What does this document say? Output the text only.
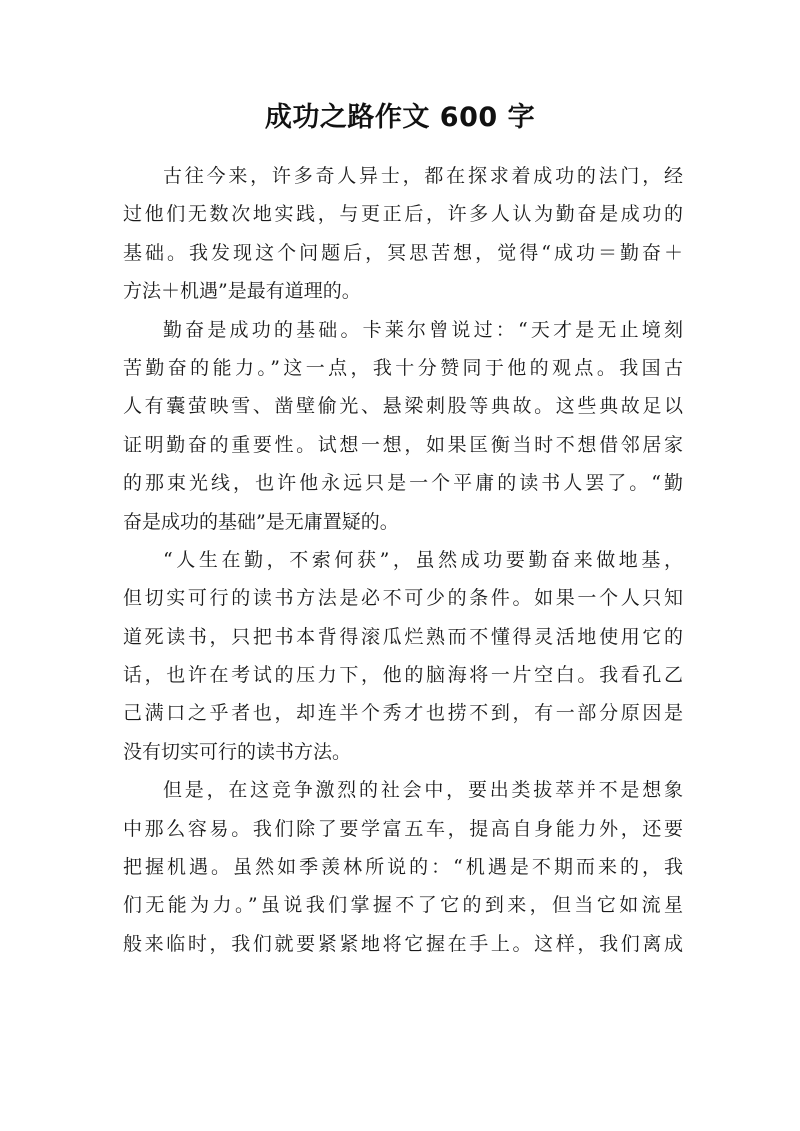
成功之路作文 600 字
古往今来，许多奇人异士，都在探求着成功的法门，经
过他们无数次地实践，与更正后，许多人认为勤奋是成功的
基础。我发现这个问题后，冥思苦想，觉得“成功＝勤奋＋
方法＋机遇”是最有道理的。
勤奋是成功的基础。卡莱尔曾说过：“天才是无止境刻
苦勤奋的能力。”这一点，我十分赞同于他的观点。我国古
人有囊萤映雪、凿壁偷光、悬梁刺股等典故。这些典故足以
证明勤奋的重要性。试想一想，如果匡衡当时不想借邻居家
的那束光线，也许他永远只是一个平庸的读书人罢了。“勤
奋是成功的基础”是无庸置疑的。
“人生在勤，不索何获”，虽然成功要勤奋来做地基，
但切实可行的读书方法是必不可少的条件。如果一个人只知
道死读书，只把书本背得滚瓜烂熟而不懂得灵活地使用它的
话，也许在考试的压力下，他的脑海将一片空白。我看孔乙
己满口之乎者也，却连半个秀才也捞不到，有一部分原因是
没有切实可行的读书方法。
但是，在这竞争激烈的社会中，要出类拔萃并不是想象
中那么容易。我们除了要学富五车，提高自身能力外，还要
把握机遇。虽然如季羡林所说的：“机遇是不期而来的，我
们无能为力。”虽说我们掌握不了它的到来，但当它如流星
般来临时，我们就要紧紧地将它握在手上。这样，我们离成
